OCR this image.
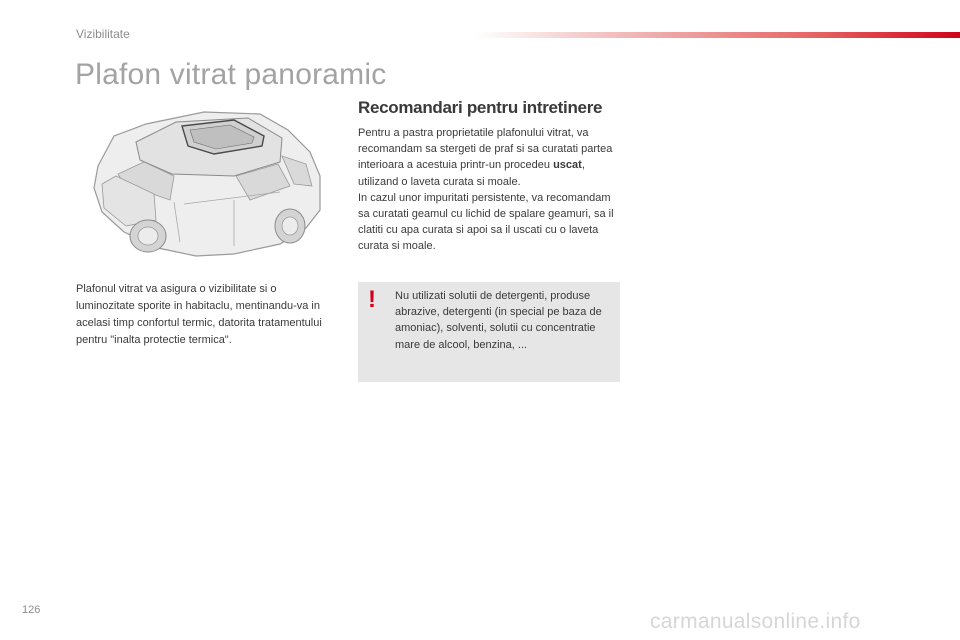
Vizibilitate
Plafon vitrat panoramic

Plafonul vitrat va asigura o vizibilitate si o luminozitate sporite in habitaclu, mentinandu-va in acelasi timp confortul termic, datorita tratamentului pentru "inalta protectie termica".

Recomandari pentru intretinere

Pentru a pastra proprietatile plafonului vitrat, va recomandam sa stergeti de praf si sa curatati partea interioara a acestuia printr-un procedeu uscat, utilizand o laveta curata si moale.
In cazul unor impuritati persistente, va recomandam sa curatati geamul cu lichid de spalare geamuri, sa il clatiti cu apa curata si apoi sa il uscati cu o laveta curata si moale.

! Nu utilizati solutii de detergenti, produse abrazive, detergenti (in special pe baza de amoniac), solventi, solutii cu concentratie mare de alcool, benzina, ...

126	carmanualsonline.info
